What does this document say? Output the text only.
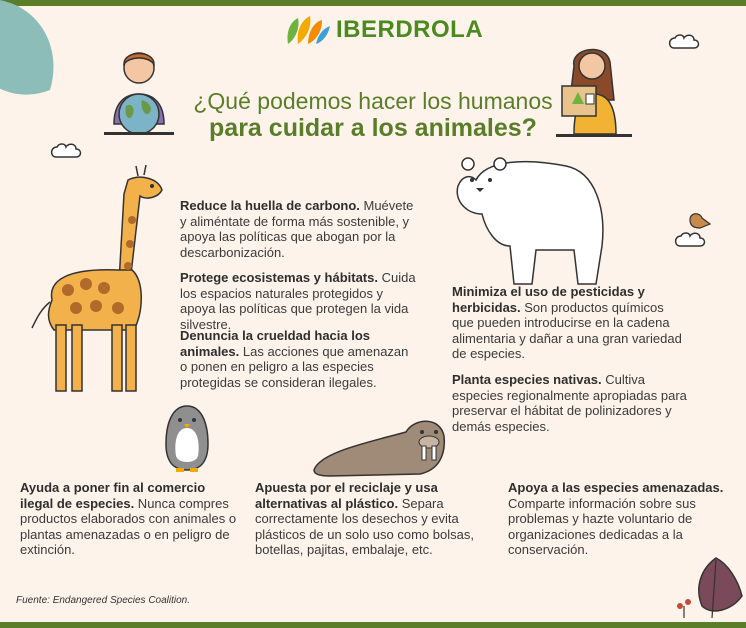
IBERDROLA
¿Qué podemos hacer los humanos
para cuidar a los animales?
Reduce la huella de carbono. Muévete y aliméntate de forma más sostenible, y apoya las políticas que abogan por la descarbonización.
Protege ecosistemas y hábitats. Cuida los espacios naturales protegidos y apoya las políticas que protegen la vida silvestre.
Denuncia la crueldad hacia los animales. Las acciones que amenazan o ponen en peligro a las especies protegidas se consideran ilegales.
Minimiza el uso de pesticidas y herbicidas. Son productos químicos que pueden introducirse en la cadena alimentaria y dañar a una gran variedad de especies.
Planta especies nativas. Cultiva especies regionalmente apropiadas para preservar el hábitat de polinizadores y demás especies.
Ayuda a poner fin al comercio ilegal de especies. Nunca compres productos elaborados con animales o plantas amenazadas o en peligro de extinción.
Apuesta por el reciclaje y usa alternativas al plástico. Separa correctamente los desechos y evita plásticos de un solo uso como bolsas, botellas, pajitas, embalaje, etc.
Apoya a las especies amenazadas. Comparte información sobre sus problemas y hazte voluntario de organizaciones dedicadas a la conservación.
Fuente: Endangered Species Coalition.
